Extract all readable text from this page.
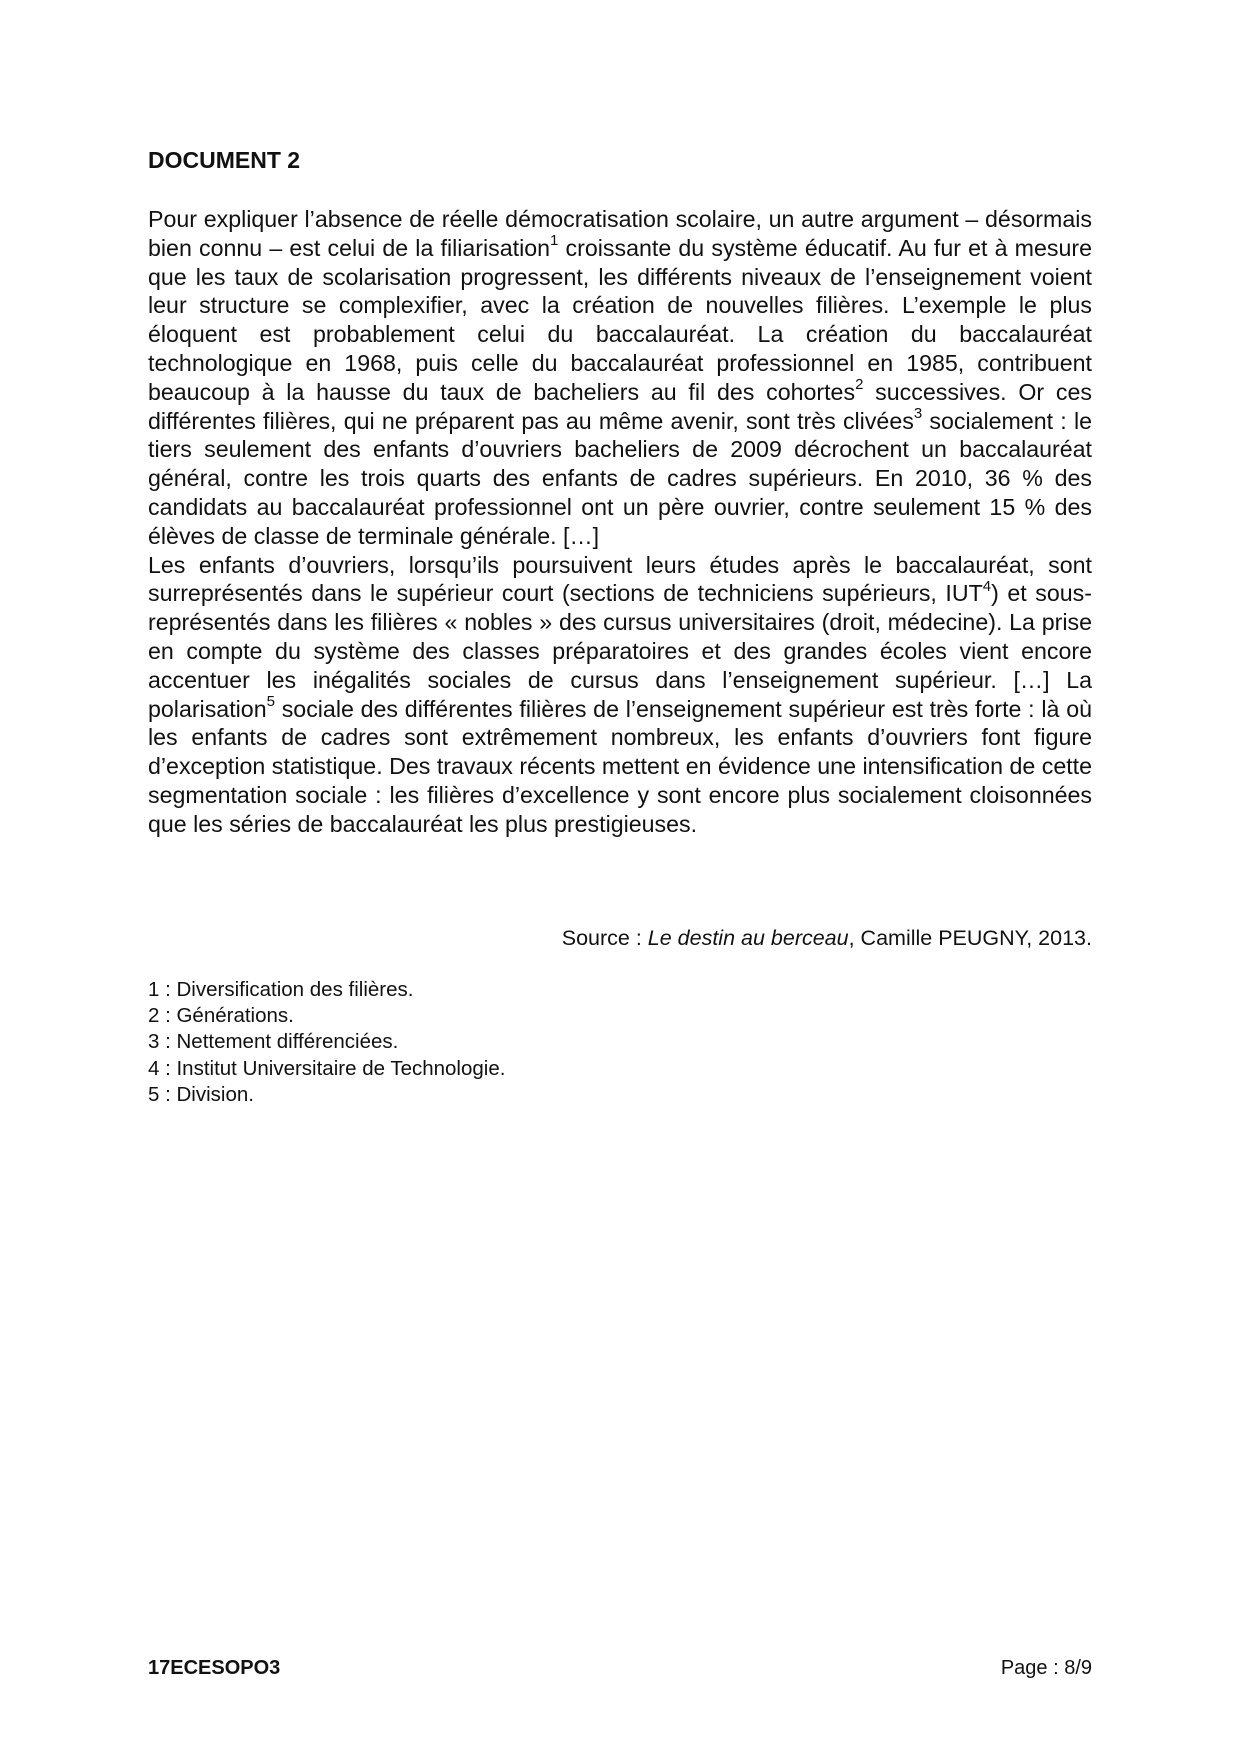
DOCUMENT 2

Pour expliquer l’absence de réelle démocratisation scolaire, un autre argument – désormais bien connu – est celui de la filiarisation$^1$ croissante du système éducatif. Au fur et à mesure que les taux de scolarisation progressent, les différents niveaux de l’enseignement voient leur structure se complexifier, avec la création de nouvelles filières. L’exemple le plus éloquent est probablement celui du baccalauréat. La création du baccalauréat technologique en 1968, puis celle du baccalauréat professionnel en 1985, contribuent beaucoup à la hausse du taux de bacheliers au fil des cohortes$^2$ successives. Or ces différentes filières, qui ne préparent pas au même avenir, sont très clivées$^3$ socialement : le tiers seulement des enfants d’ouvriers bacheliers de 2009 décrochent un baccalauréat général, contre les trois quarts des enfants de cadres supérieurs. En 2010, 36 % des candidats au baccalauréat professionnel ont un père ouvrier, contre seulement 15 % des élèves de classe de terminale générale. […]

Les enfants d’ouvriers, lorsqu’ils poursuivent leurs études après le baccalauréat, sont surreprésentés dans le supérieur court (sections de techniciens supérieurs, IUT$^4$) et sous-représentés dans les filières « nobles » des cursus universitaires (droit, médecine). La prise en compte du système des classes préparatoires et des grandes écoles vient encore accentuer les inégalités sociales de cursus dans l’enseignement supérieur. […] La polarisation$^5$ sociale des différentes filières de l’enseignement supérieur est très forte : là où les enfants de cadres sont extrêmement nombreux, les enfants d’ouvriers font figure d’exception statistique. Des travaux récents mettent en évidence une intensification de cette segmentation sociale : les filières d’excellence y sont encore plus socialement cloisonnées que les séries de baccalauréat les plus prestigieuses.

Source : Le destin au berceau, Camille PEUGNY, 2013.
1 : Diversification des filières.
2 : Générations.
3 : Nettement différenciées.
4 : Institut Universitaire de Technologie.
5 : Division.
17ECESOPO3	Page : 8/9
